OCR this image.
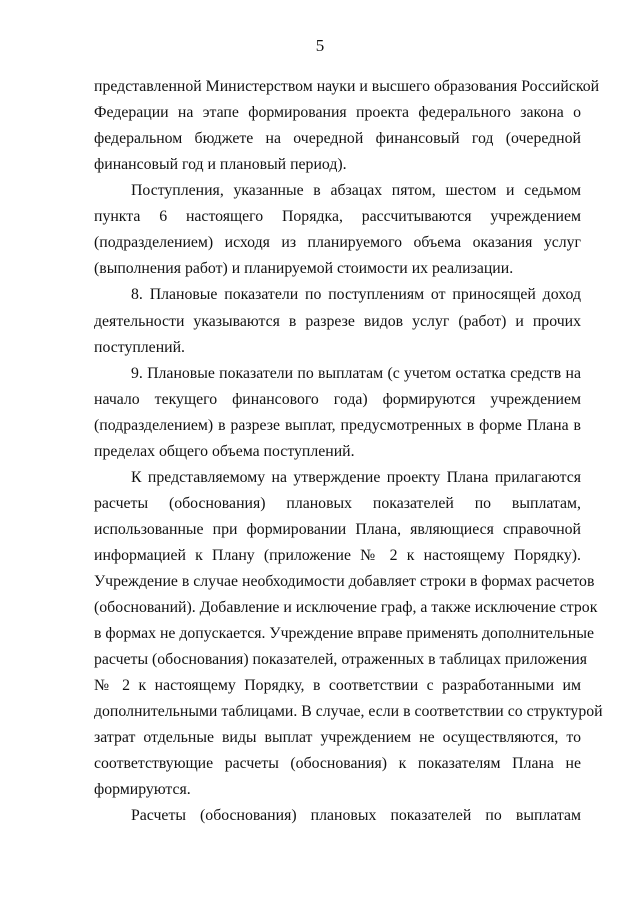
5
представленной Министерством науки и высшего образования Российской
Федерации на этапе формирования проекта федерального закона о
федеральном бюджете на очередной финансовый год (очередной
финансовый год и плановый период).
Поступления, указанные в абзацах пятом, шестом и седьмом
пункта 6 настоящего Порядка, рассчитываются учреждением
(подразделением) исходя из планируемого объема оказания услуг
(выполнения работ) и планируемой стоимости их реализации.
8. Плановые показатели по поступлениям от приносящей доход
деятельности указываются в разрезе видов услуг (работ) и прочих
поступлений.
9. Плановые показатели по выплатам (с учетом остатка средств на
начало текущего финансового года) формируются учреждением
(подразделением) в разрезе выплат, предусмотренных в форме Плана в
пределах общего объема поступлений.
К представляемому на утверждение проекту Плана прилагаются
расчеты (обоснования) плановых показателей по выплатам,
использованные при формировании Плана, являющиеся справочной
информацией к Плану (приложение № 2 к настоящему Порядку).
Учреждение в случае необходимости добавляет строки в формах расчетов
(обоснований). Добавление и исключение граф, а также исключение строк
в формах не допускается. Учреждение вправе применять дополнительные
расчеты (обоснования) показателей, отраженных в таблицах приложения
№ 2 к настоящему Порядку, в соответствии с разработанными им
дополнительными таблицами. В случае, если в соответствии со структурой
затрат отдельные виды выплат учреждением не осуществляются, то
соответствующие расчеты (обоснования) к показателям Плана не
формируются.
Расчеты (обоснования) плановых показателей по выплатам
